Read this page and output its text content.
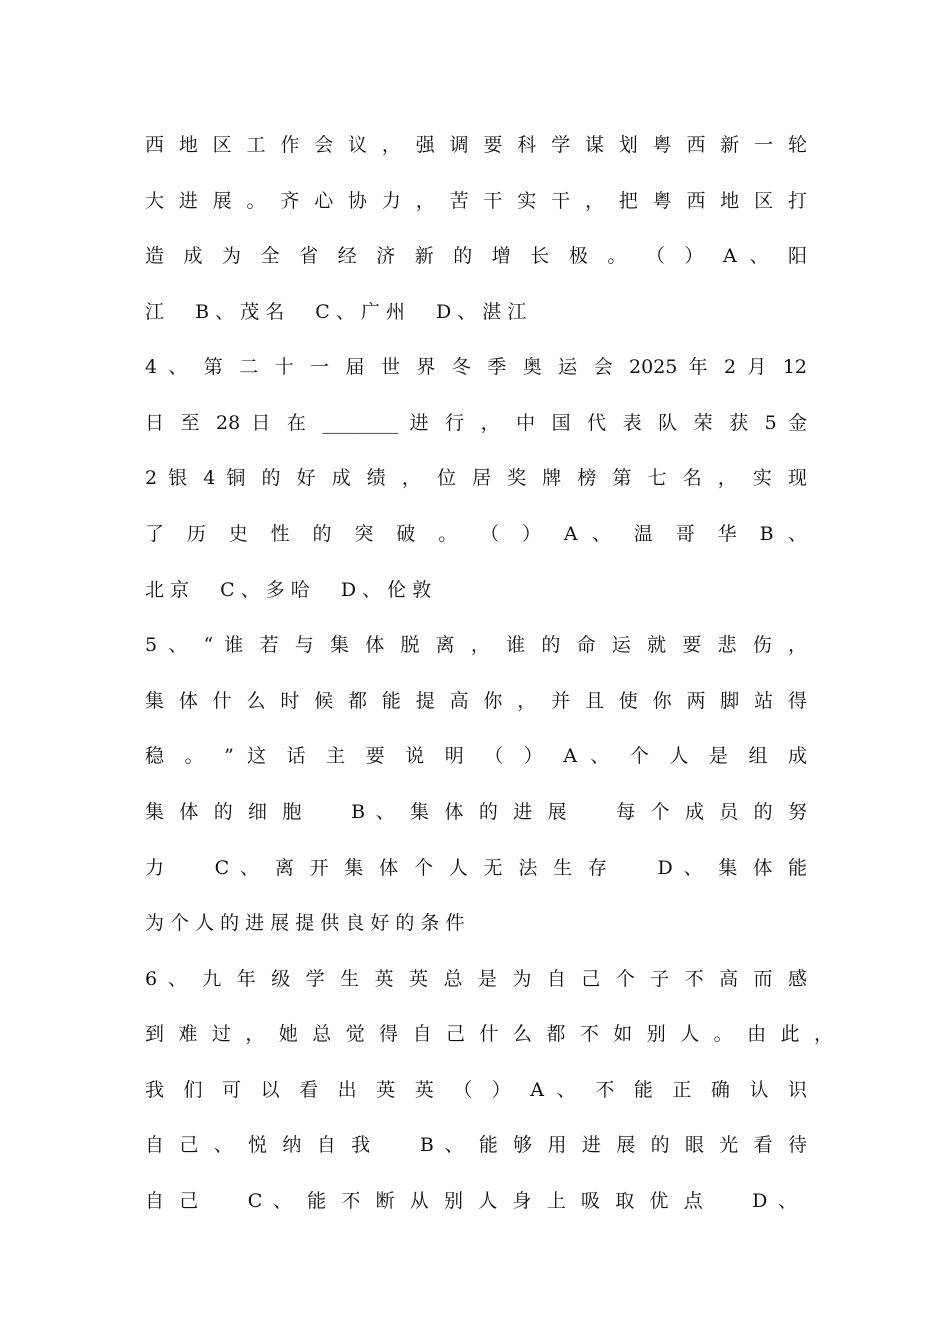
西 地 区 工 作 会 议 ， 强 调 要 科 学 谋 划 粤 西 新 一 轮
大 进 展 。 齐 心 协 力 ， 苦 干 实 干 ， 把 粤 西 地 区 打
造 成 为 全 省 经 济 新 的 增 长 极 。 （ ） A 、 阳
江 　 B 、 茂 名 　 C 、 广 州 　 D 、 湛 江
4 、 第 二 十 一 届 世 界 冬 季 奥 运 会 2025 年 2 月 12
日 至 28 日 在 ________ 进 行 ， 中 国 代 表 队 荣 获 5 金
2 银 4 铜 的 好 成 绩 ， 位 居 奖 牌 榜 第 七 名 ， 实 现
了 历 史 性 的 突 破 。 （ ） A 、 温 哥 华 B 、
北 京 　 C 、 多 哈 　 D 、 伦 敦
5 、 “ 谁 若 与 集 体 脱 离 ， 谁 的 命 运 就 要 悲 伤 ，
集 体 什 么 时 候 都 能 提 高 你 ， 并 且 使 你 两 脚 站 得
稳 。 ” 这 话 主 要 说 明 （ ） A 、 个 人 是 组 成
集 体 的 细 胞 　 B 、 集 体 的 进 展 　 每 个 成 员 的 努
力 　 C 、 离 开 集 体 个 人 无 法 生 存 　 D 、 集 体 能
为 个 人 的 进 展 提 供 良 好 的 条 件
6 、 九 年 级 学 生 英 英 总 是 为 自 己 个 子 不 高 而 感
到 难 过 ， 她 总 觉 得 自 己 什 么 都 不 如 别 人 。 由 此 ，
我 们 可 以 看 出 英 英 （ ） A 、 不 能 正 确 认 识
自 己 、 悦 纳 自 我 　 B 、 能 够 用 进 展 的 眼 光 看 待
自 己 　 C 、 能 不 断 从 别 人 身 上 吸 取 优 点 　 D 、
